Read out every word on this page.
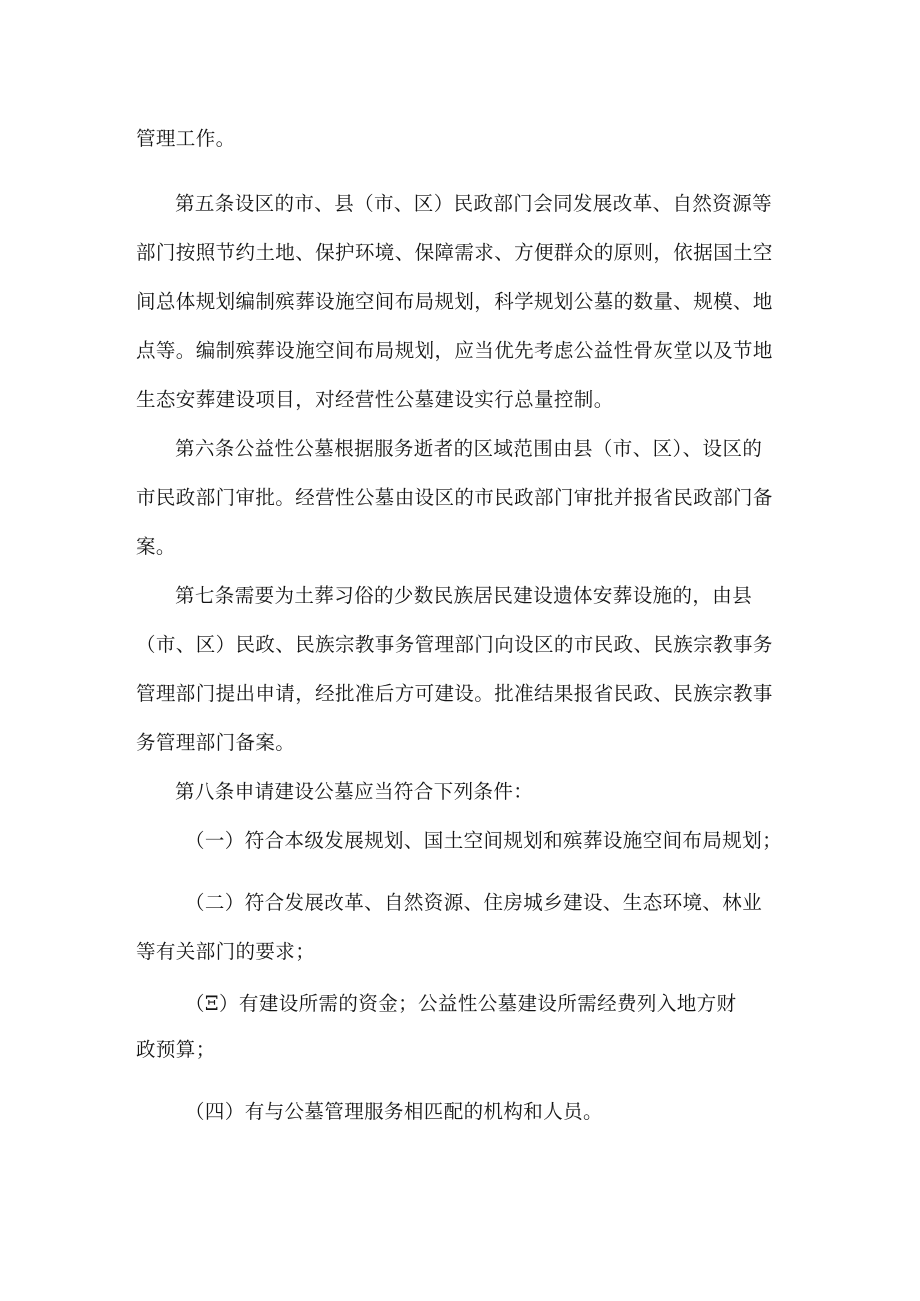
管理工作。
第五条设区的市、县（市、区）民政部门会同发展改革、自然资源等
部门按照节约土地、保护环境、保障需求、方便群众的原则，依据国土空
间总体规划编制殡葬设施空间布局规划，科学规划公墓的数量、规模、地
点等。编制殡葬设施空间布局规划，应当优先考虑公益性骨灰堂以及节地
生态安葬建设项目，对经营性公墓建设实行总量控制。
第六条公益性公墓根据服务逝者的区域范围由县（市、区）、设区的
市民政部门审批。经营性公墓由设区的市民政部门审批并报省民政部门备
案。
第七条需要为土葬习俗的少数民族居民建设遗体安葬设施的，由县
（市、区）民政、民族宗教事务管理部门向设区的市民政、民族宗教事务
管理部门提出申请，经批准后方可建设。批准结果报省民政、民族宗教事
务管理部门备案。
第八条申请建设公墓应当符合下列条件：
（一）符合本级发展规划、国土空间规划和殡葬设施空间布局规划；
（二）符合发展改革、自然资源、住房城乡建设、生态环境、林业
等有关部门的要求；
（Ξ）有建设所需的资金；公益性公墓建设所需经费列入地方财
政预算；
（四）有与公墓管理服务相匹配的机构和人员。
